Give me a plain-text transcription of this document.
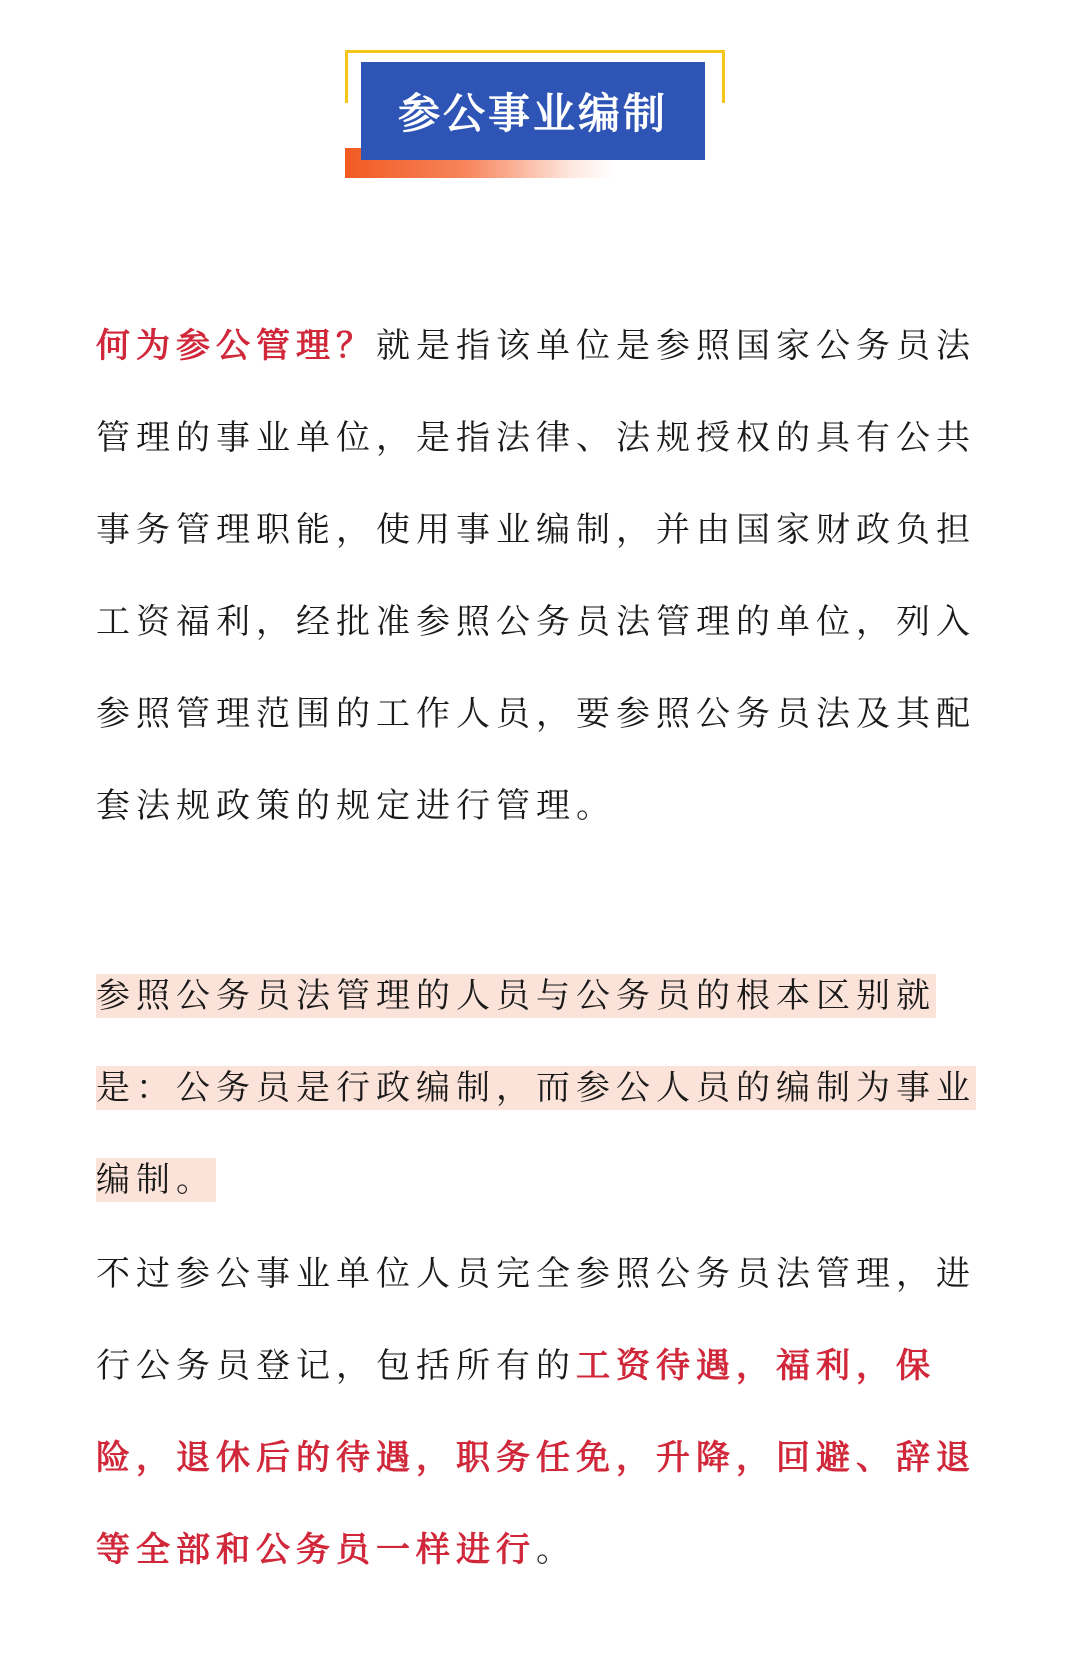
参公事业编制

何为参公管理？就是指该单位是参照国家公务员法管理的事业单位，是指法律、法规授权的具有公共事务管理职能，使用事业编制，并由国家财政负担工资福利，经批准参照公务员法管理的单位，列入参照管理范围的工作人员，要参照公务员法及其配套法规政策的规定进行管理。

参照公务员法管理的人员与公务员的根本区别就是：公务员是行政编制，而参公人员的编制为事业编制。

不过参公事业单位人员完全参照公务员法管理，进行公务员登记，包括所有的工资待遇，福利，保险，退休后的待遇，职务任免，升降，回避、辞退等全部和公务员一样进行。
